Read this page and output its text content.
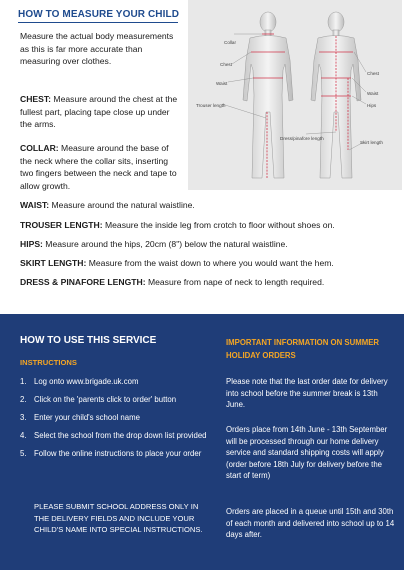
HOW TO MEASURE YOUR CHILD

Measure the actual body measurements as this is far more accurate than measuring over clothes.

CHEST: Measure around the chest at the fullest part, placing tape close up under the arms.

COLLAR: Measure around the base of the neck where the collar sits, inserting two fingers between the neck and tape to allow growth.

WAIST: Measure around the natural waistline.

TROUSER LENGTH: Measure the inside leg from crotch to floor without shoes on.

HIPS: Measure around the hips, 20cm (8") below the natural waistline.

SKIRT LENGTH: Measure from the waist down to where you would want the hem.

DRESS & PINAFORE LENGTH: Measure from nape of neck to length required.

Collar
Chest
Waist
Trouser length
Chest
Waist
Hips
Dress/pinafore length
Skirt length
HOW TO USE THIS SERVICE
INSTRUCTIONS
1. Log onto www.brigade.uk.com
2. Click on the 'parents click to order' button
3. Enter your child's school name
4. Select the school from the drop down list provided
5. Follow the online instructions to place your order

PLEASE SUBMIT SCHOOL ADDRESS ONLY IN THE DELIVERY FIELDS AND INCLUDE YOUR CHILD'S NAME INTO SPECIAL INSTRUCTIONS.

IMPORTANT INFORMATION ON SUMMER HOLIDAY ORDERS

Please note that the last order date for delivery into school before the summer break is 13th June.

Orders place from 14th June - 13th September will be processed through our home delivery service and standard shipping costs will apply (order before 18th July for delivery before the start of term)

Orders are placed in a queue until 15th and 30th of each month and delivered into school up to 14 days after.
